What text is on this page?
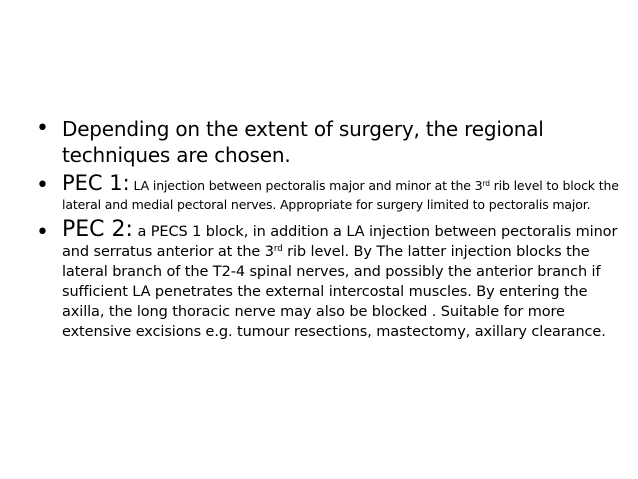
• Depending on the extent of surgery, the regional techniques are chosen.
• PEC 1: LA injection between pectoralis major and minor at the 3rd rib level to block the lateral and medial pectoral nerves. Appropriate for surgery limited to pectoralis major.
• PEC 2: a PECS 1 block, in addition a LA injection between pectoralis minor and serratus anterior at the 3rd rib level. By The latter injection blocks the lateral branch of the T2-4 spinal nerves, and possibly the anterior branch if sufficient LA penetrates the external intercostal muscles. By entering the axilla, the long thoracic nerve may also be blocked . Suitable for more extensive excisions e.g. tumour resections, mastectomy, axillary clearance.
